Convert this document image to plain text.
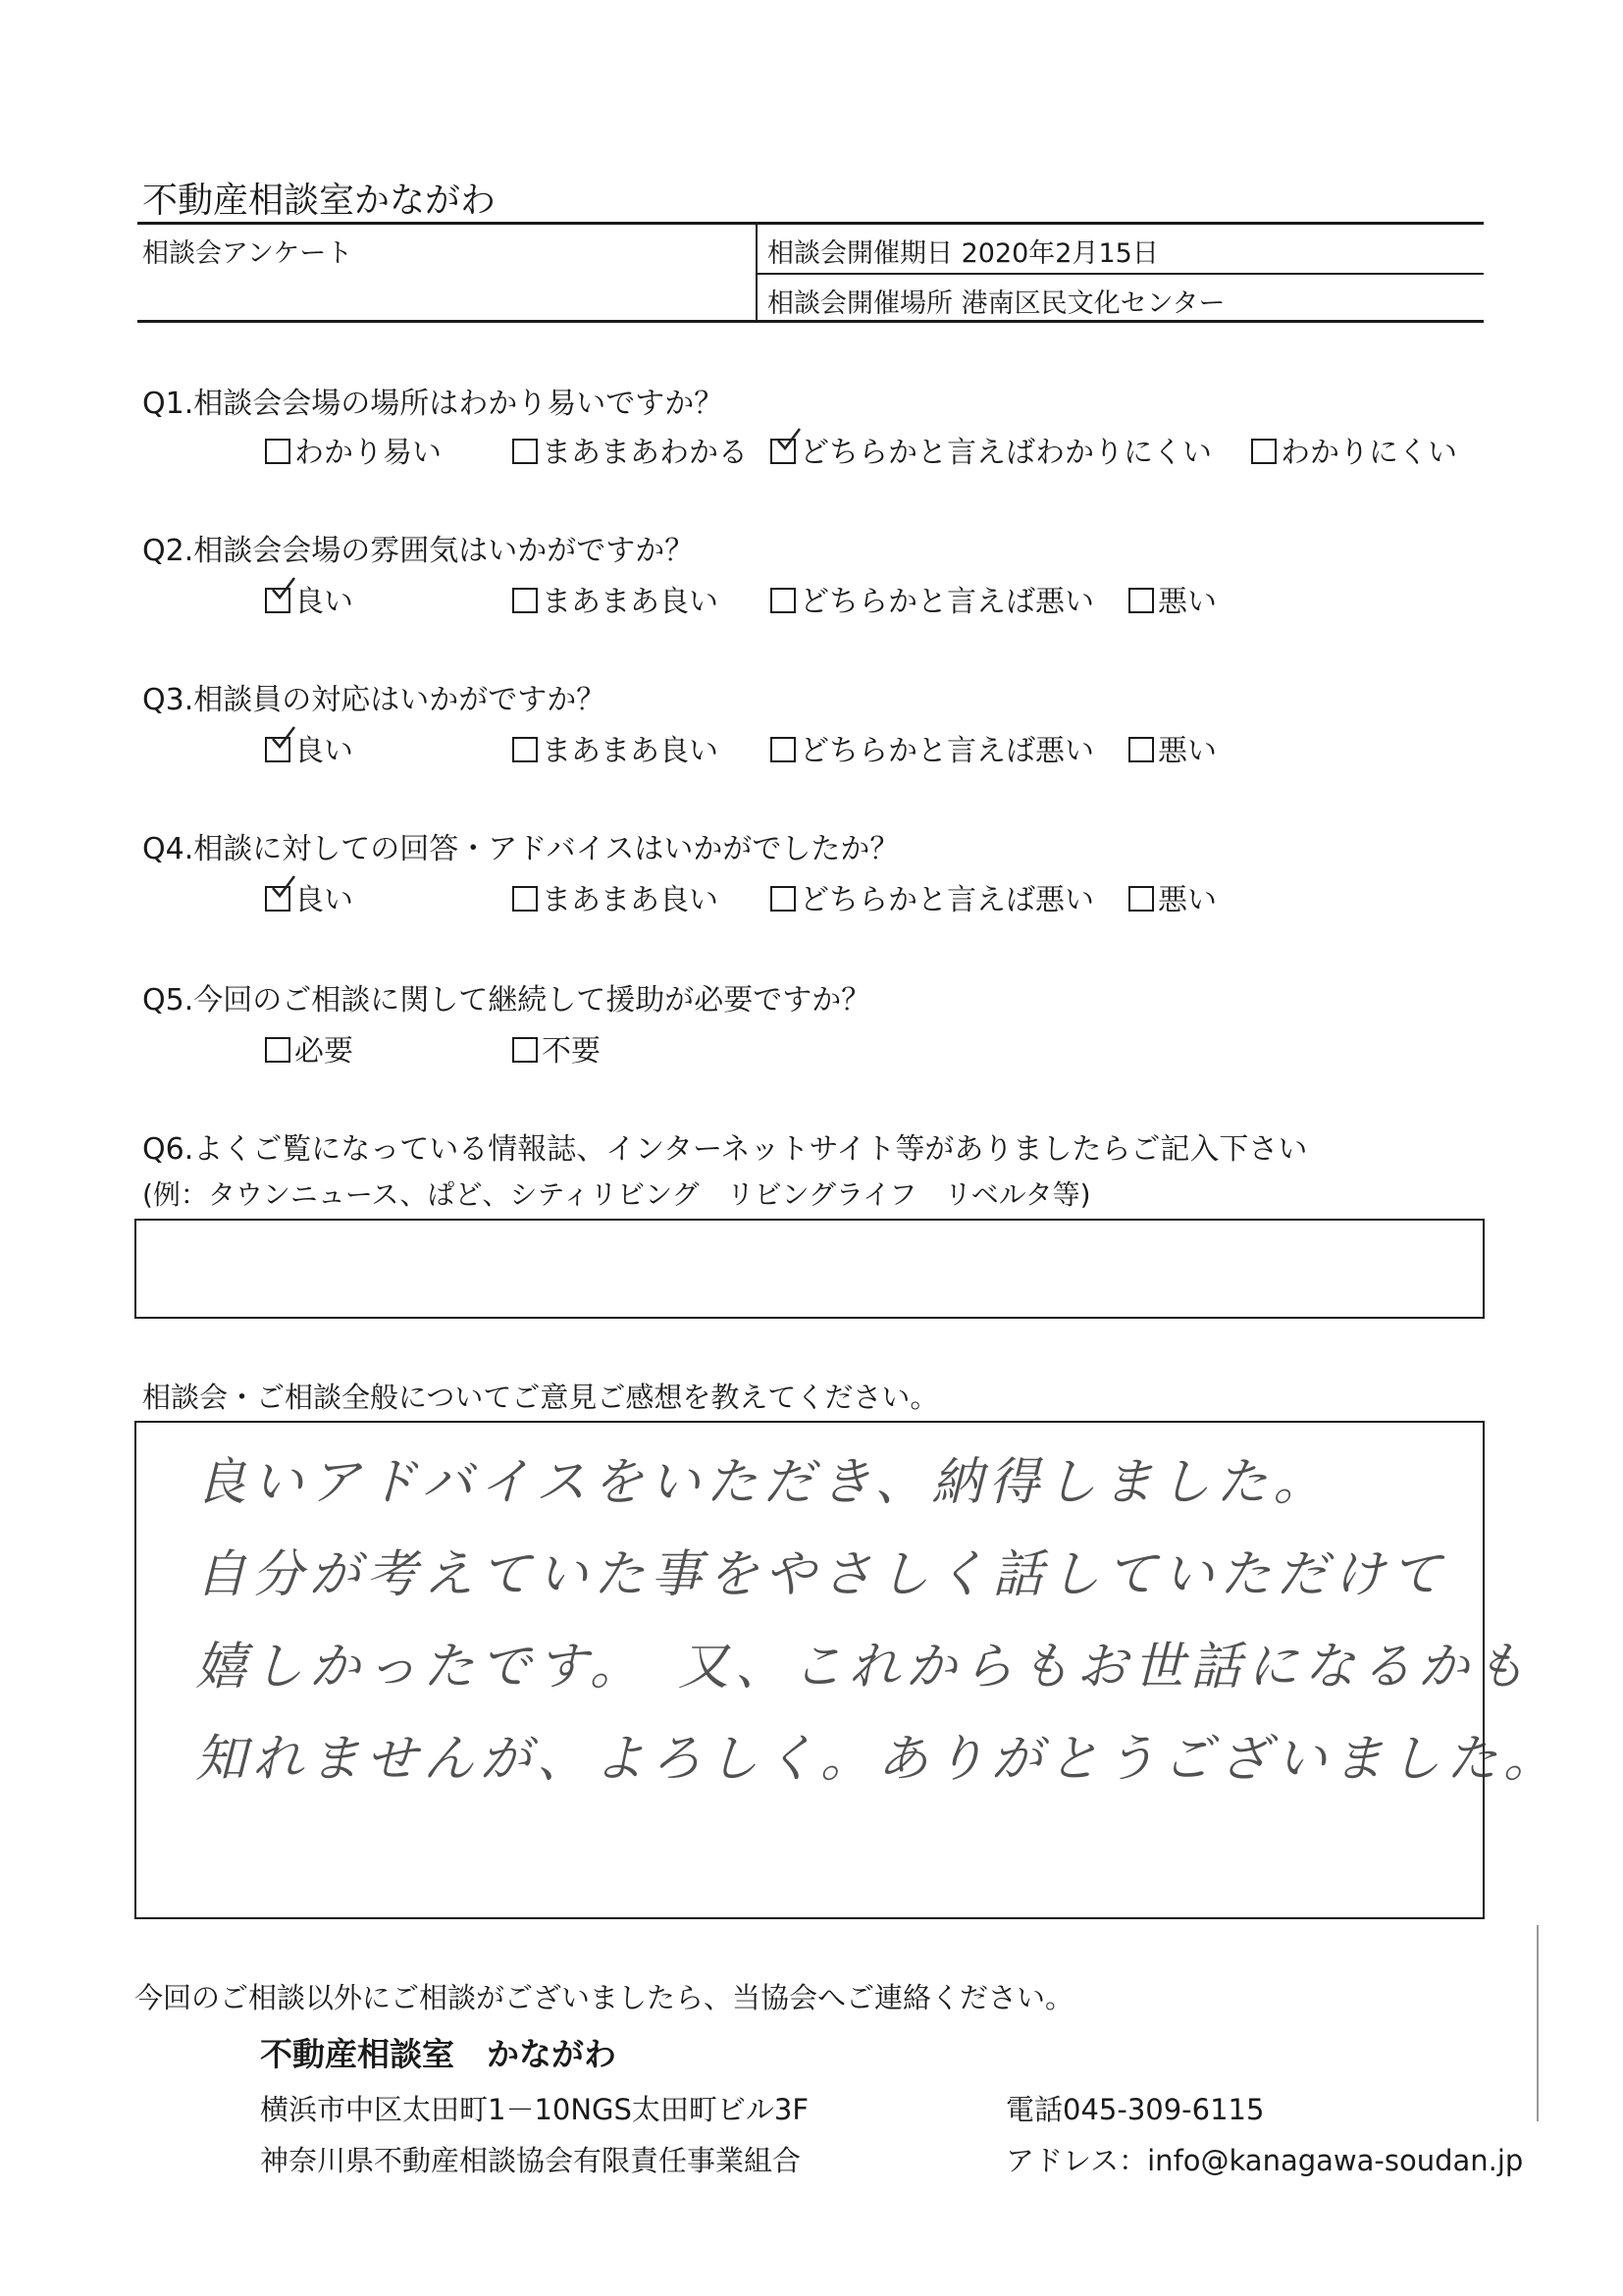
不動産相談室かながわ
相談会アンケート	相談会開催期日 2020年2月15日
相談会開催場所 港南区民文化センター
Q1.相談会会場の場所はわかり易いですか？
わかり易い	まあまあわかる	どちらかと言えばわかりにくい	わかりにくい
Q2.相談会会場の雰囲気はいかがですか？
良い	まあまあ良い	どちらかと言えば悪い	悪い
Q3.相談員の対応はいかがですか？
良い	まあまあ良い	どちらかと言えば悪い	悪い
Q4.相談に対しての回答・アドバイスはいかがでしたか？
良い	まあまあ良い	どちらかと言えば悪い	悪い
Q5.今回のご相談に関して継続して援助が必要ですか？
必要	不要
Q6.よくご覧になっている情報誌、インターネットサイト等がありましたらご記入下さい
(例：タウンニュース、ぱど、シティリビング　リビングライフ　リベルタ等)
相談会・ご相談全般についてご意見ご感想を教えてください。
良いアドバイスをいただき、納得しました。
自分が考えていた事をやさしく話していただけて
嬉しかったです。　又、これからもお世話になるかも
知れませんが、よろしく。ありがとうございました。
今回のご相談以外にご相談がございましたら、当協会へご連絡ください。
不動産相談室　かながわ
横浜市中区太田町1－10NGS太田町ビル3F	電話045-309-6115
神奈川県不動産相談協会有限責任事業組合	アドレス：info@kanagawa-soudan.jp
